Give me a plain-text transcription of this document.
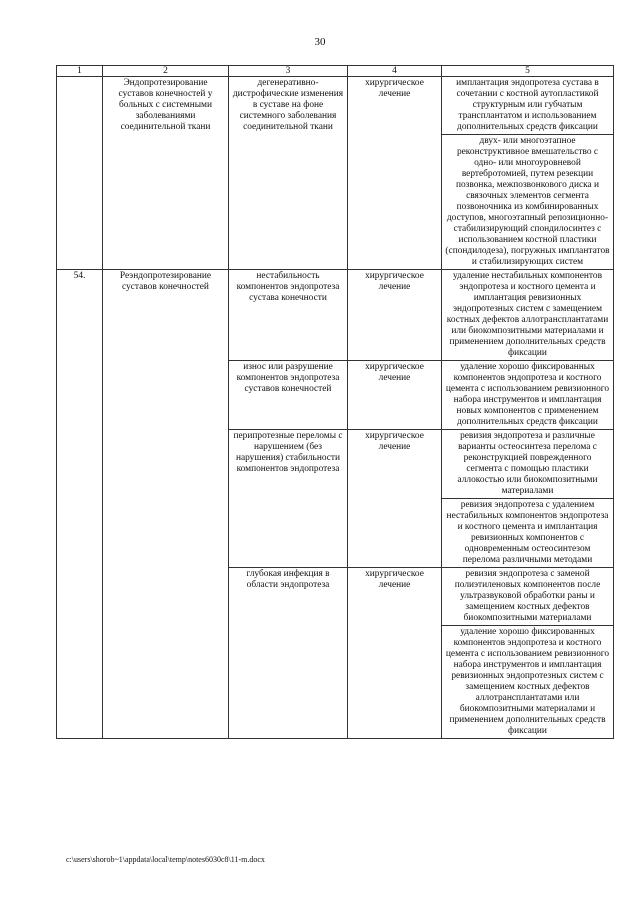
30
1	2	3	4	5
	Эндопротезирование суставов конечностей у больных с системными заболеваниями соединительной ткани	дегенеративно-дистрофические изменения в суставе на фоне системного заболевания соединительной ткани	хирургическое лечение	имплантация эндопротеза сустава в сочетании с костной аутопластикой структурным или губчатым трансплантатом и использованием дополнительных средств фиксации
				двух- или многоэтапное реконструктивное вмешательство с одно- или многоуровневой вертебротомией, путем резекции позвонка, межпозвонкового диска и связочных элементов сегмента позвоночника из комбинированных доступов, многоэтапный репозиционно-стабилизирующий спондилосинтез с использованием костной пластики (спондилодеза), погружных имплантатов и стабилизирующих систем
54.	Реэндопротезирование суставов конечностей	нестабильность компонентов эндопротеза сустава конечности	хирургическое лечение	удаление нестабильных компонентов эндопротеза и костного цемента и имплантация ревизионных эндопротезных систем с замещением костных дефектов аллотрансплантатами или биокомпозитными материалами и применением дополнительных средств фиксации
		износ или разрушение компонентов эндопротеза суставов конечностей	хирургическое лечение	удаление хорошо фиксированных компонентов эндопротеза и костного цемента с использованием ревизионного набора инструментов и имплантация новых компонентов с применением дополнительных средств фиксации
		перипротезные переломы с нарушением (без нарушения) стабильности компонентов эндопротеза	хирургическое лечение	ревизия эндопротеза и различные варианты остеосинтеза перелома с реконструкцией поврежденного сегмента с помощью пластики аллокостью или биокомпозитными материалами
				ревизия эндопротеза с удалением нестабильных компонентов эндопротеза и костного цемента и имплантация ревизионных компонентов с одновременным остеосинтезом перелома различными методами
		глубокая инфекция в области эндопротеза	хирургическое лечение	ревизия эндопротеза с заменой полиэтиленовых компонентов после ультразвуковой обработки раны и замещением костных дефектов биокомпозитными материалами
				удаление хорошо фиксированных компонентов эндопротеза и костного цемента с использованием ревизионного набора инструментов и имплантация ревизионных эндопротезных систем с замещением костных дефектов аллотрансплантатами или биокомпозитными материалами и применением дополнительных средств фиксации
c:\users\shorob~1\appdata\local\temp\notes6030c8\11-m.docx
